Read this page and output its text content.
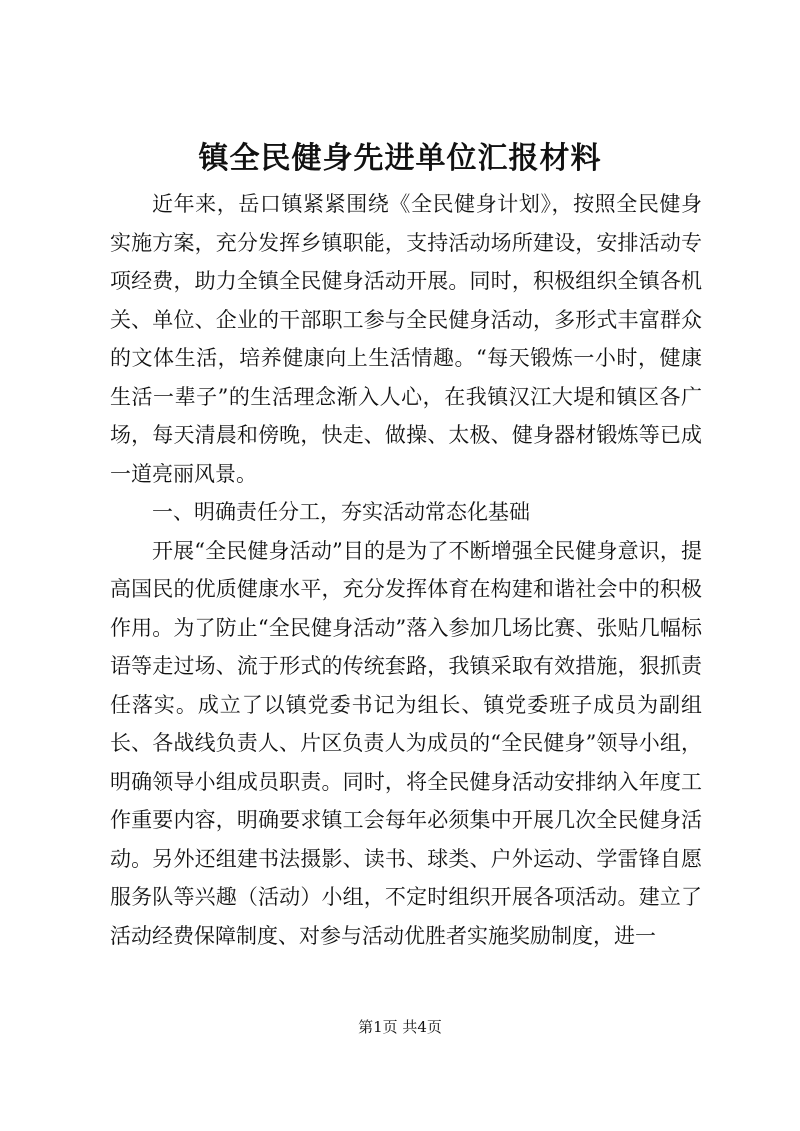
镇全民健身先进单位汇报材料

近年来，岳口镇紧紧围绕《全民健身计划》，按照全民健身实施方案，充分发挥乡镇职能，支持活动场所建设，安排活动专项经费，助力全镇全民健身活动开展。同时，积极组织全镇各机关、单位、企业的干部职工参与全民健身活动，多形式丰富群众的文体生活，培养健康向上生活情趣。“每天锻炼一小时，健康生活一辈子”的生活理念渐入人心，在我镇汉江大堤和镇区各广场，每天清晨和傍晚，快走、做操、太极、健身器材锻炼等已成一道亮丽风景。

一、明确责任分工，夯实活动常态化基础

开展“全民健身活动”目的是为了不断增强全民健身意识，提高国民的优质健康水平，充分发挥体育在构建和谐社会中的积极作用。为了防止“全民健身活动”落入参加几场比赛、张贴几幅标语等走过场、流于形式的传统套路，我镇采取有效措施，狠抓责任落实。成立了以镇党委书记为组长、镇党委班子成员为副组长、各战线负责人、片区负责人为成员的“全民健身”领导小组，明确领导小组成员职责。同时，将全民健身活动安排纳入年度工作重要内容，明确要求镇工会每年必须集中开展几次全民健身活动。另外还组建书法摄影、读书、球类、户外运动、学雷锋自愿服务队等兴趣（活动）小组，不定时组织开展各项活动。建立了活动经费保障制度、对参与活动优胜者实施奖励制度，进一

第1页 共4页
